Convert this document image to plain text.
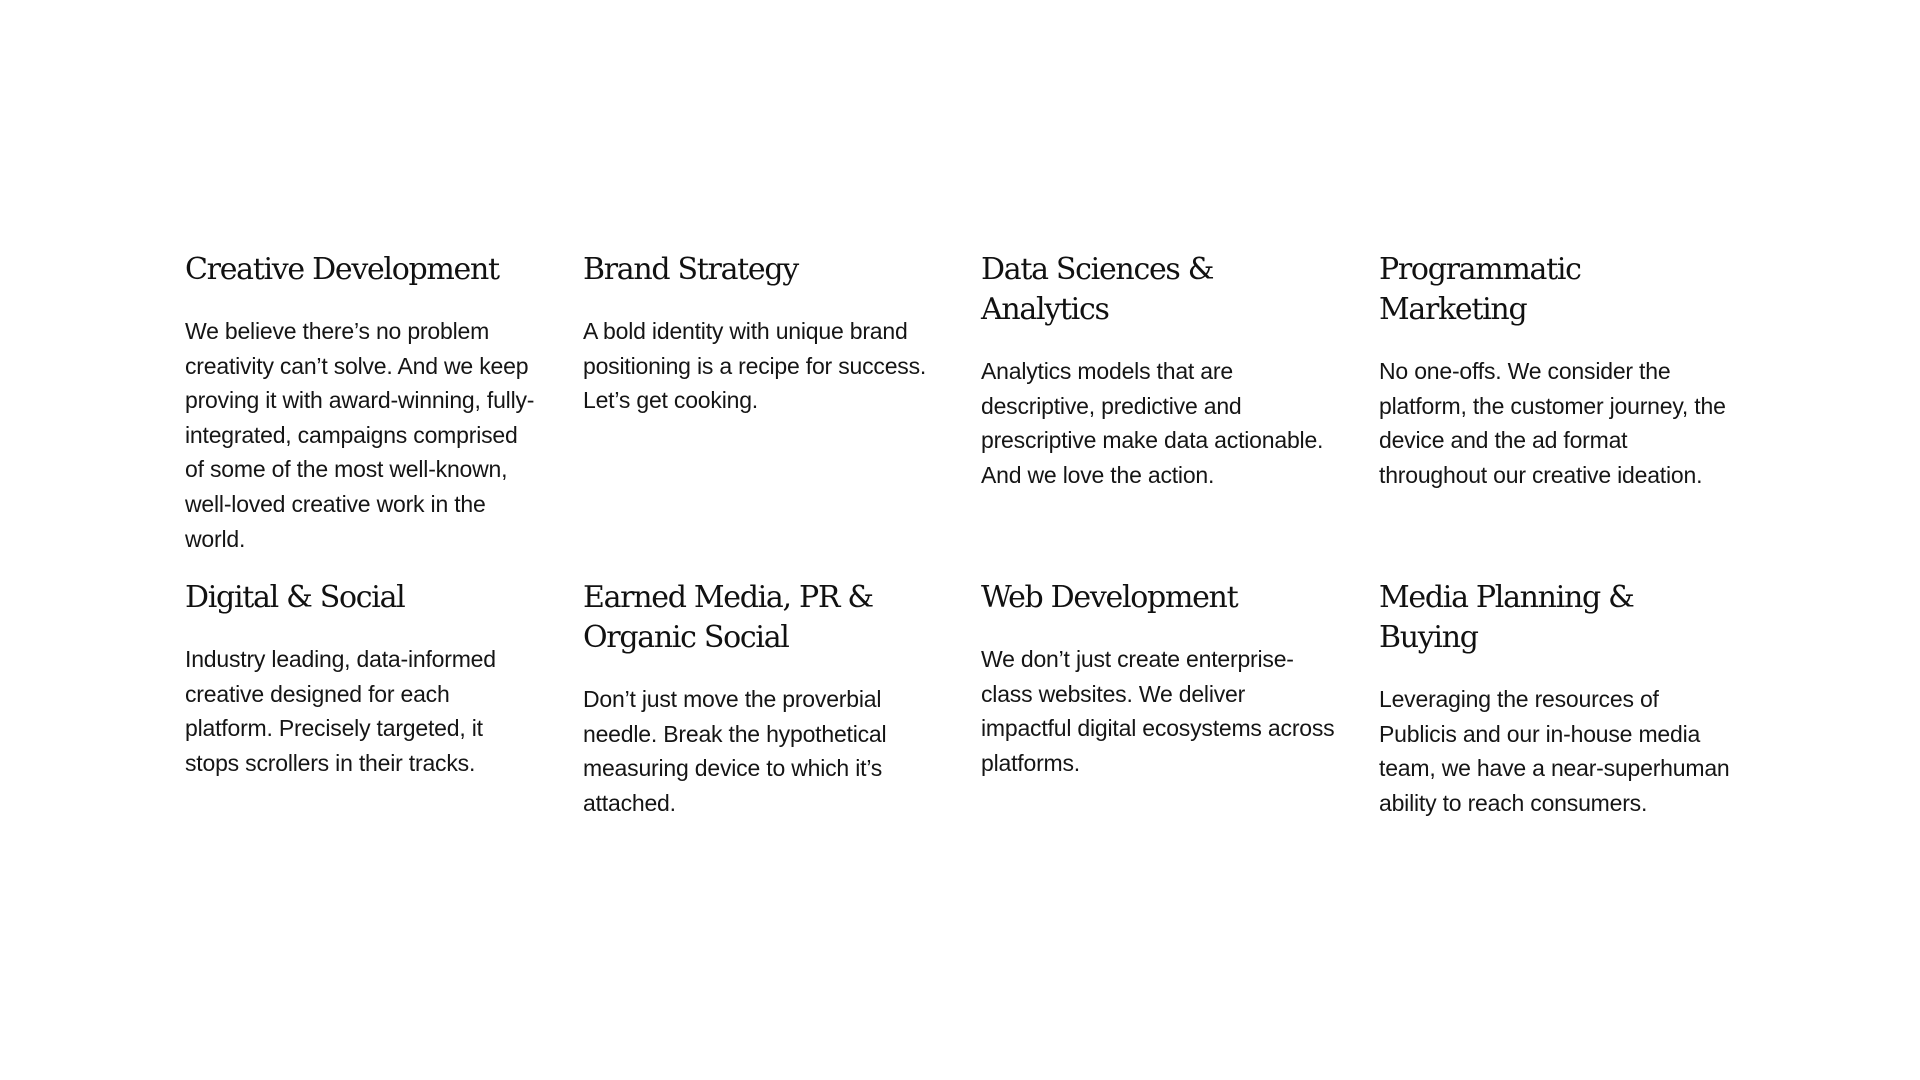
Creative Development

We believe there’s no problem creativity can’t solve. And we keep proving it with award-winning, fully-integrated, campaigns comprised of some of the most well-known, well-loved creative work in the world.

Brand Strategy

A bold identity with unique brand positioning is a recipe for success. Let’s get cooking.

Data Sciences & Analytics

Analytics models that are descriptive, predictive and prescriptive make data actionable. And we love the action.

Programmatic Marketing

No one-offs. We consider the platform, the customer journey, the device and the ad format throughout our creative ideation.

Digital & Social

Industry leading, data-informed creative designed for each platform. Precisely targeted, it stops scrollers in their tracks.

Earned Media, PR & Organic Social

Don’t just move the proverbial needle. Break the hypothetical measuring device to which it’s attached.

Web Development

We don’t just create enterprise-class websites. We deliver impactful digital ecosystems across platforms.

Media Planning & Buying

Leveraging the resources of Publicis and our in-house media team, we have a near-superhuman ability to reach consumers.
